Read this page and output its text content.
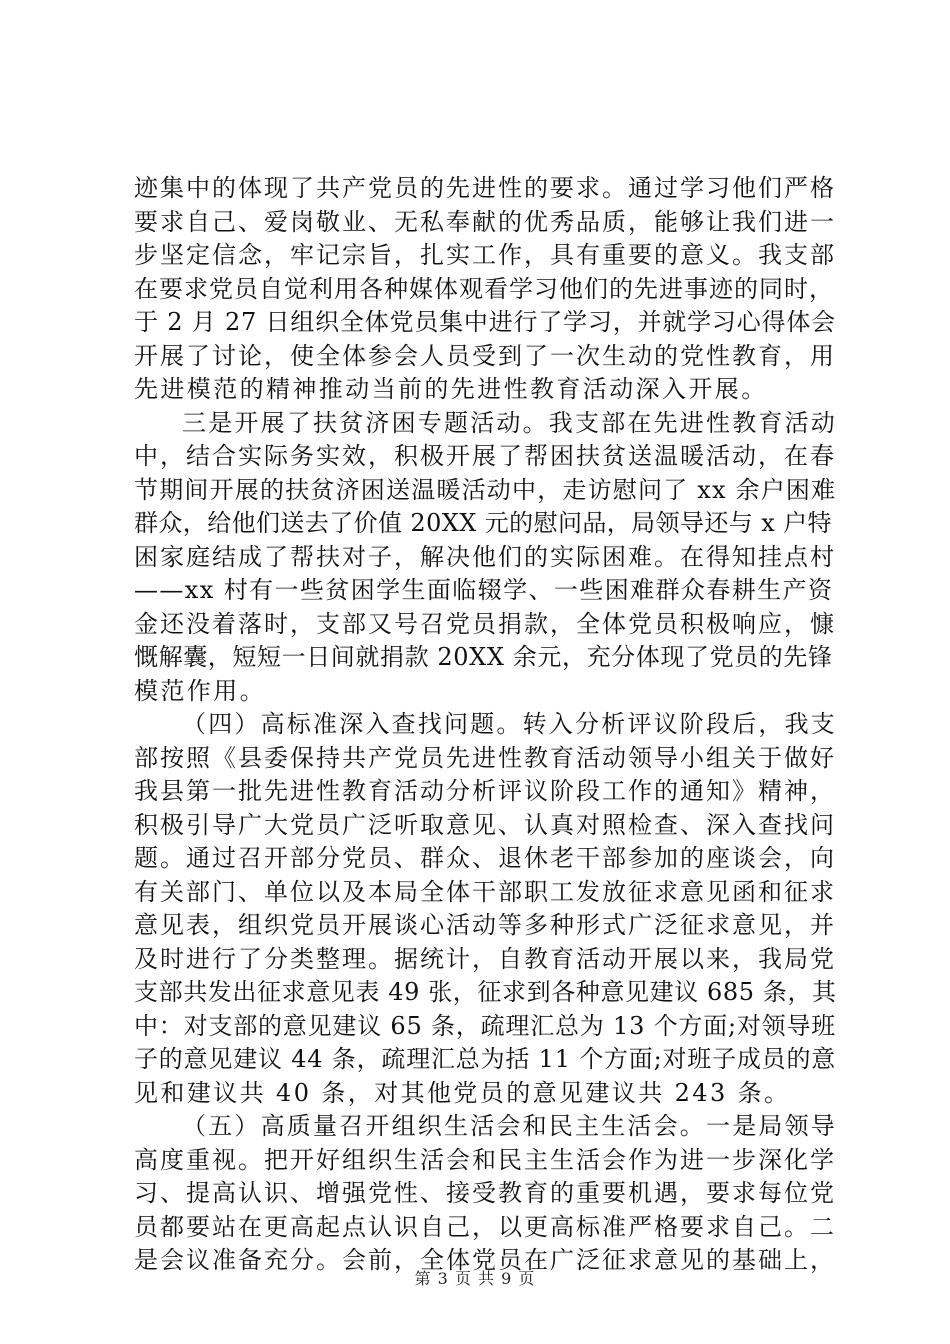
迹集中的体现了共产党员的先进性的要求。通过学习他们严格
要求自己、爱岗敬业、无私奉献的优秀品质，能够让我们进一
步坚定信念，牢记宗旨，扎实工作，具有重要的意义。我支部
在要求党员自觉利用各种媒体观看学习他们的先进事迹的同时，
于 2 月 27 日组织全体党员集中进行了学习，并就学习心得体会
开展了讨论，使全体参会人员受到了一次生动的党性教育，用
先进模范的精神推动当前的先进性教育活动深入开展。
三是开展了扶贫济困专题活动。我支部在先进性教育活动
中，结合实际务实效，积极开展了帮困扶贫送温暖活动，在春
节期间开展的扶贫济困送温暖活动中，走访慰问了 xx 余户困难
群众，给他们送去了价值 20XX 元的慰问品，局领导还与 x 户特
困家庭结成了帮扶对子，解决他们的实际困难。在得知挂点村
——xx 村有一些贫困学生面临辍学、一些困难群众春耕生产资
金还没着落时，支部又号召党员捐款，全体党员积极响应，慷
慨解囊，短短一日间就捐款 20XX 余元，充分体现了党员的先锋
模范作用。
（四）高标准深入查找问题。转入分析评议阶段后，我支
部按照《县委保持共产党员先进性教育活动领导小组关于做好
我县第一批先进性教育活动分析评议阶段工作的通知》精神，
积极引导广大党员广泛听取意见、认真对照检查、深入查找问
题。通过召开部分党员、群众、退休老干部参加的座谈会，向
有关部门、单位以及本局全体干部职工发放征求意见函和征求
意见表，组织党员开展谈心活动等多种形式广泛征求意见，并
及时进行了分类整理。据统计，自教育活动开展以来，我局党
支部共发出征求意见表 49 张，征求到各种意见建议 685 条，其
中：对支部的意见建议 65 条，疏理汇总为 13 个方面;对领导班
子的意见建议 44 条，疏理汇总为括 11 个方面;对班子成员的意
见和建议共 40 条，对其他党员的意见建议共 243 条。
（五）高质量召开组织生活会和民主生活会。一是局领导
高度重视。把开好组织生活会和民主生活会作为进一步深化学
习、提高认识、增强党性、接受教育的重要机遇，要求每位党
员都要站在更高起点认识自己，以更高标准严格要求自己。二
是会议准备充分。会前，全体党员在广泛征求意见的基础上，
第 3 页 共 9 页
